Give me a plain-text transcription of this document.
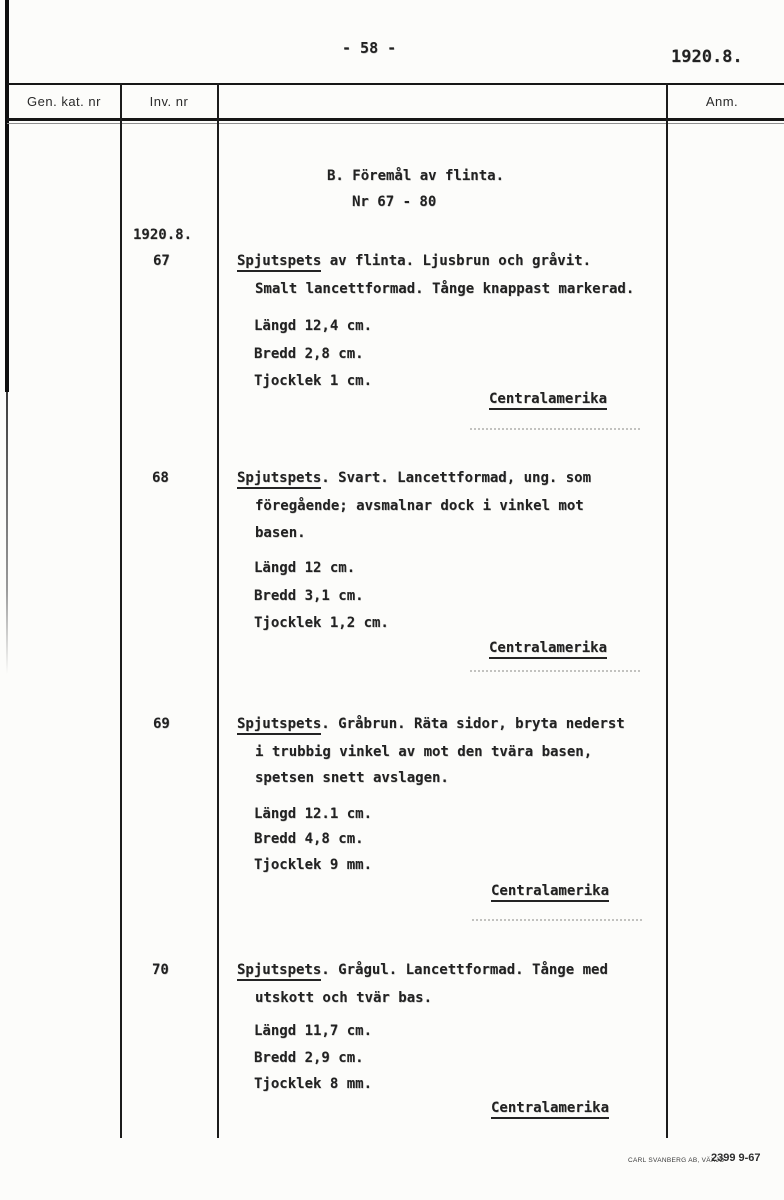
- 58 -	1920.8.
Gen. kat. nr	Inv. nr	Anm.
B. Föremål av flinta.
Nr 67 - 80
1920.8.
67	Spjutspets av flinta. Ljusbrun och gråvit.
Smalt lancettformad. Tånge knappast markerad.
Längd 12,4 cm.
Bredd 2,8 cm.
Tjocklek 1 cm.
Centralamerika
68	Spjutspets. Svart. Lancettformad, ung. som
föregående; avsmalnar dock i vinkel mot
basen.
Längd 12 cm.
Bredd 3,1 cm.
Tjocklek 1,2 cm.
Centralamerika
69	Spjutspets. Gråbrun. Räta sidor, bryta nederst
i trubbig vinkel av mot den tvära basen,
spetsen snett avslagen.
Längd 12.1 cm.
Bredd 4,8 cm.
Tjocklek 9 mm.
Centralamerika
70	Spjutspets. Grågul. Lancettformad. Tånge med
utskott och tvär bas.
Längd 11,7 cm.
Bredd 2,9 cm.
Tjocklek 8 mm.
Centralamerika
CARL SVANBERG AB, VÄXJÖ
2399 9-67
